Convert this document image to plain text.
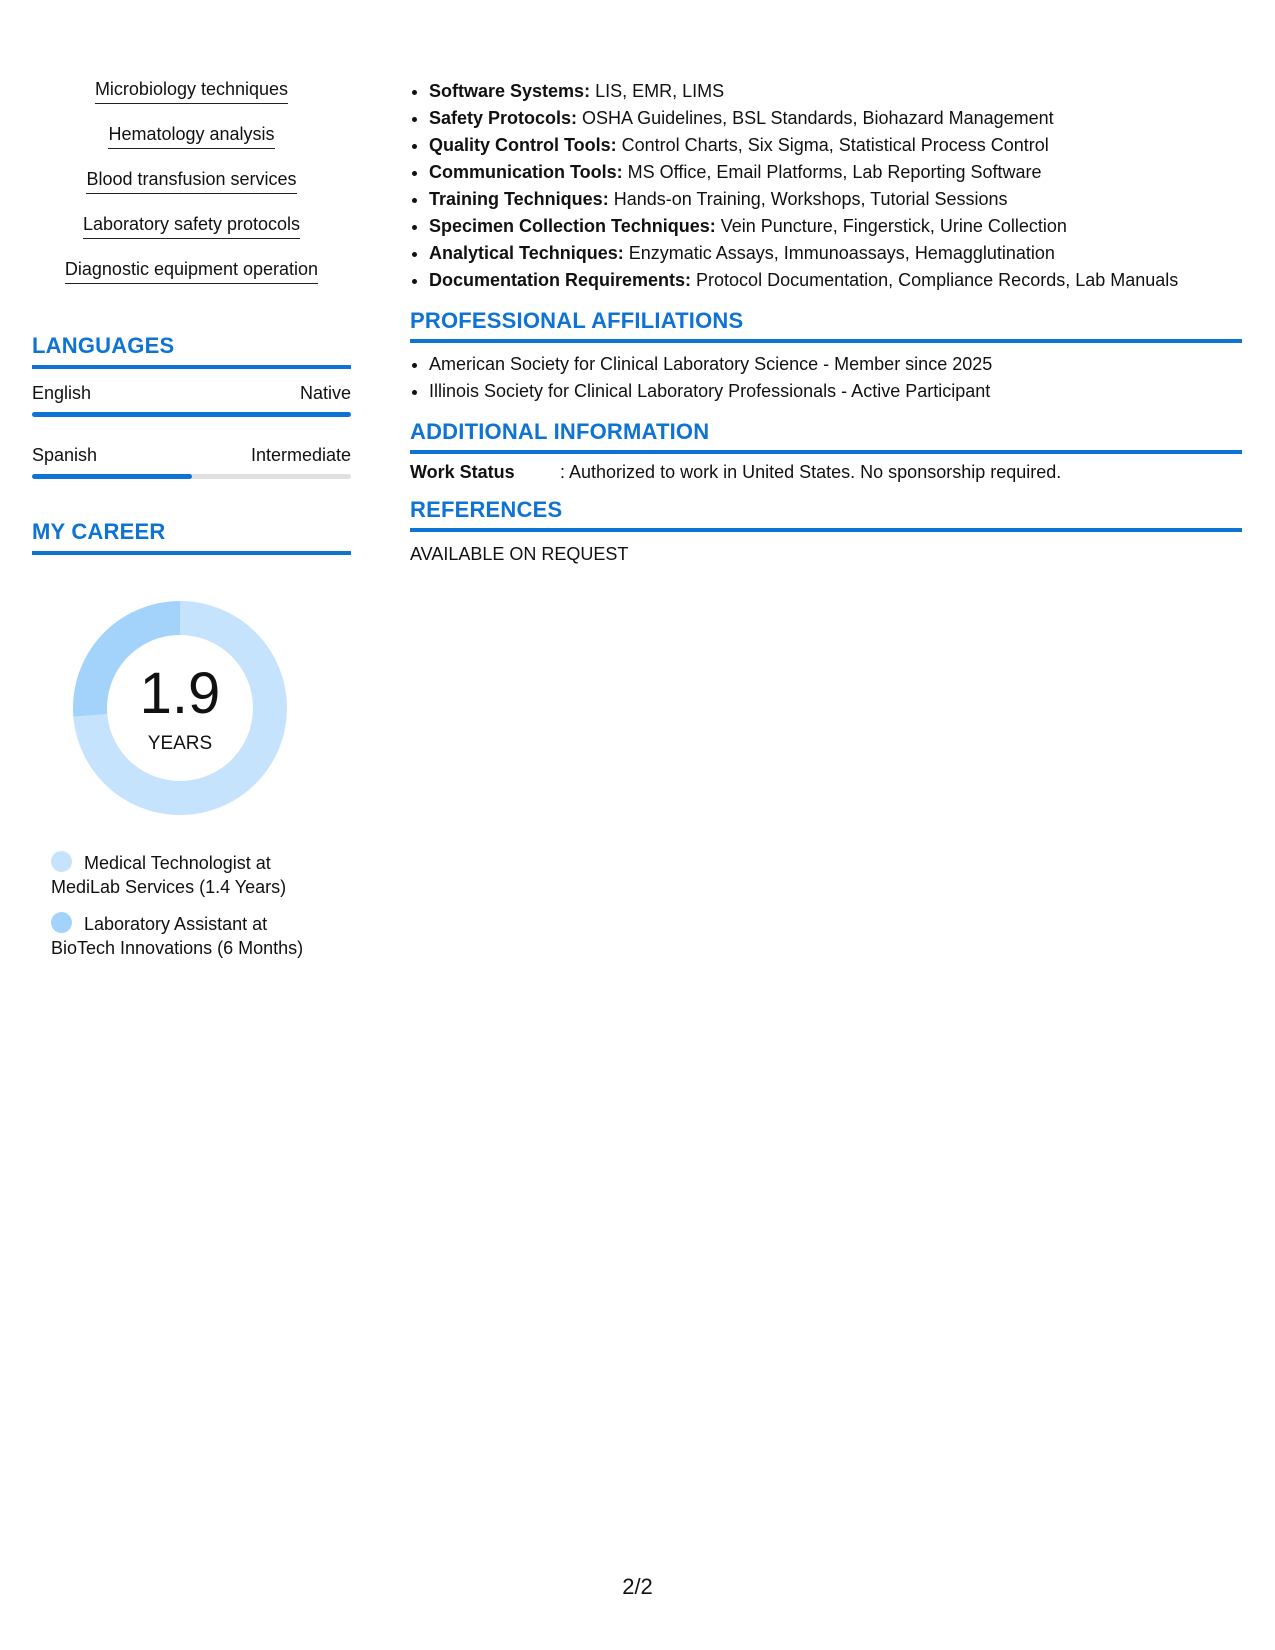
Microbiology techniques
Hematology analysis
Blood transfusion services
Laboratory safety protocols
Diagnostic equipment operation
LANGUAGES
English	Native
Spanish	Intermediate
MY CAREER
1.9
YEARS
Medical Technologist at
MediLab Services (1.4 Years)
Laboratory Assistant at
BioTech Innovations (6 Months)
• Software Systems: LIS, EMR, LIMS
• Safety Protocols: OSHA Guidelines, BSL Standards, Biohazard Management
• Quality Control Tools: Control Charts, Six Sigma, Statistical Process Control
• Communication Tools: MS Office, Email Platforms, Lab Reporting Software
• Training Techniques: Hands-on Training, Workshops, Tutorial Sessions
• Specimen Collection Techniques: Vein Puncture, Fingerstick, Urine Collection
• Analytical Techniques: Enzymatic Assays, Immunoassays, Hemagglutination
• Documentation Requirements: Protocol Documentation, Compliance Records, Lab Manuals
PROFESSIONAL AFFILIATIONS
• American Society for Clinical Laboratory Science - Member since 2025
• Illinois Society for Clinical Laboratory Professionals - Active Participant
ADDITIONAL INFORMATION
Work Status	: Authorized to work in United States. No sponsorship required.
REFERENCES
AVAILABLE ON REQUEST
2/2
